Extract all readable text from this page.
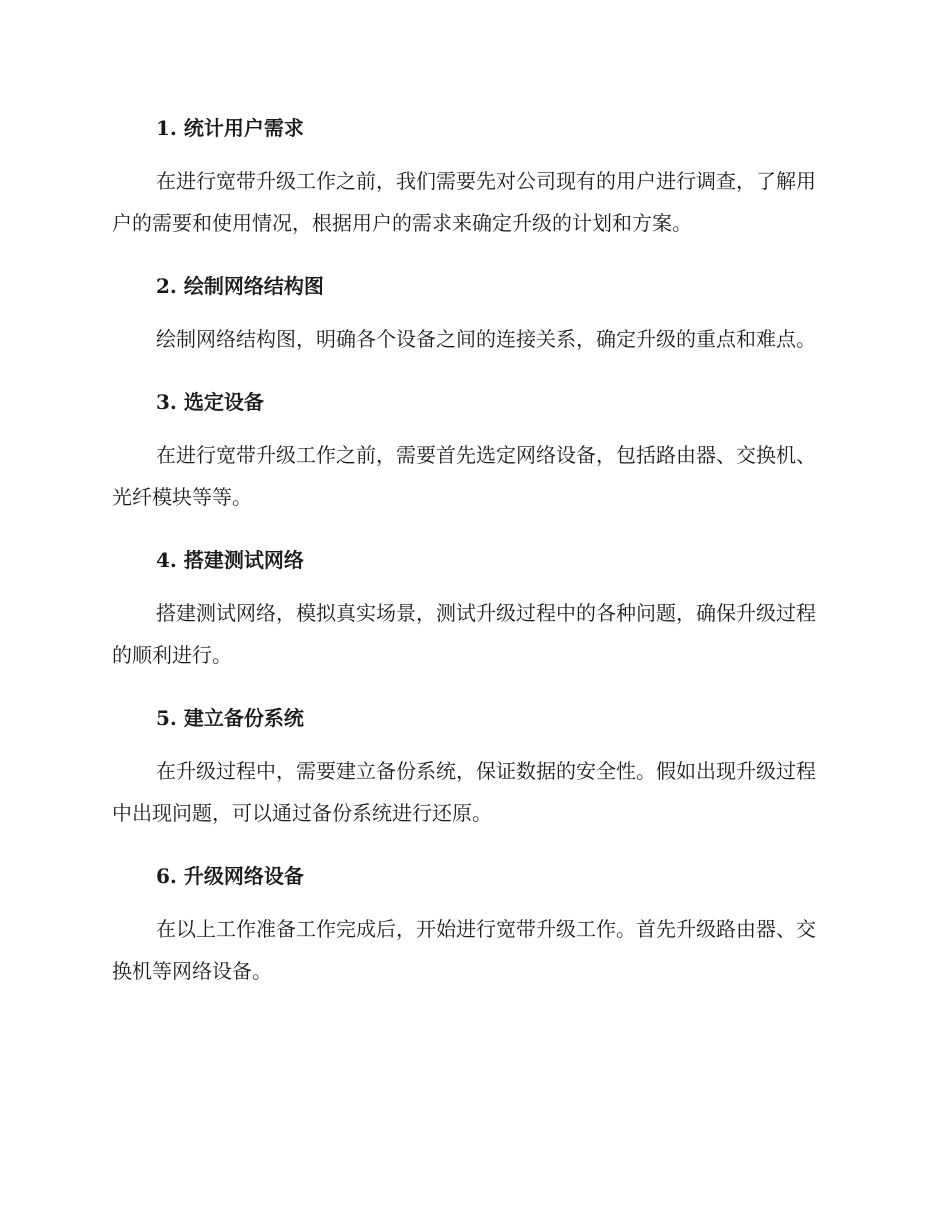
1. 统计用户需求

在进行宽带升级工作之前，我们需要先对公司现有的用户进行调查，了解用户的需要和使用情况，根据用户的需求来确定升级的计划和方案。

2. 绘制网络结构图

绘制网络结构图，明确各个设备之间的连接关系，确定升级的重点和难点。

3. 选定设备

在进行宽带升级工作之前，需要首先选定网络设备，包括路由器、交换机、光纤模块等等。

4. 搭建测试网络

搭建测试网络，模拟真实场景，测试升级过程中的各种问题，确保升级过程的顺利进行。

5. 建立备份系统

在升级过程中，需要建立备份系统，保证数据的安全性。假如出现升级过程中出现问题，可以通过备份系统进行还原。

6. 升级网络设备

在以上工作准备工作完成后，开始进行宽带升级工作。首先升级路由器、交换机等网络设备。
